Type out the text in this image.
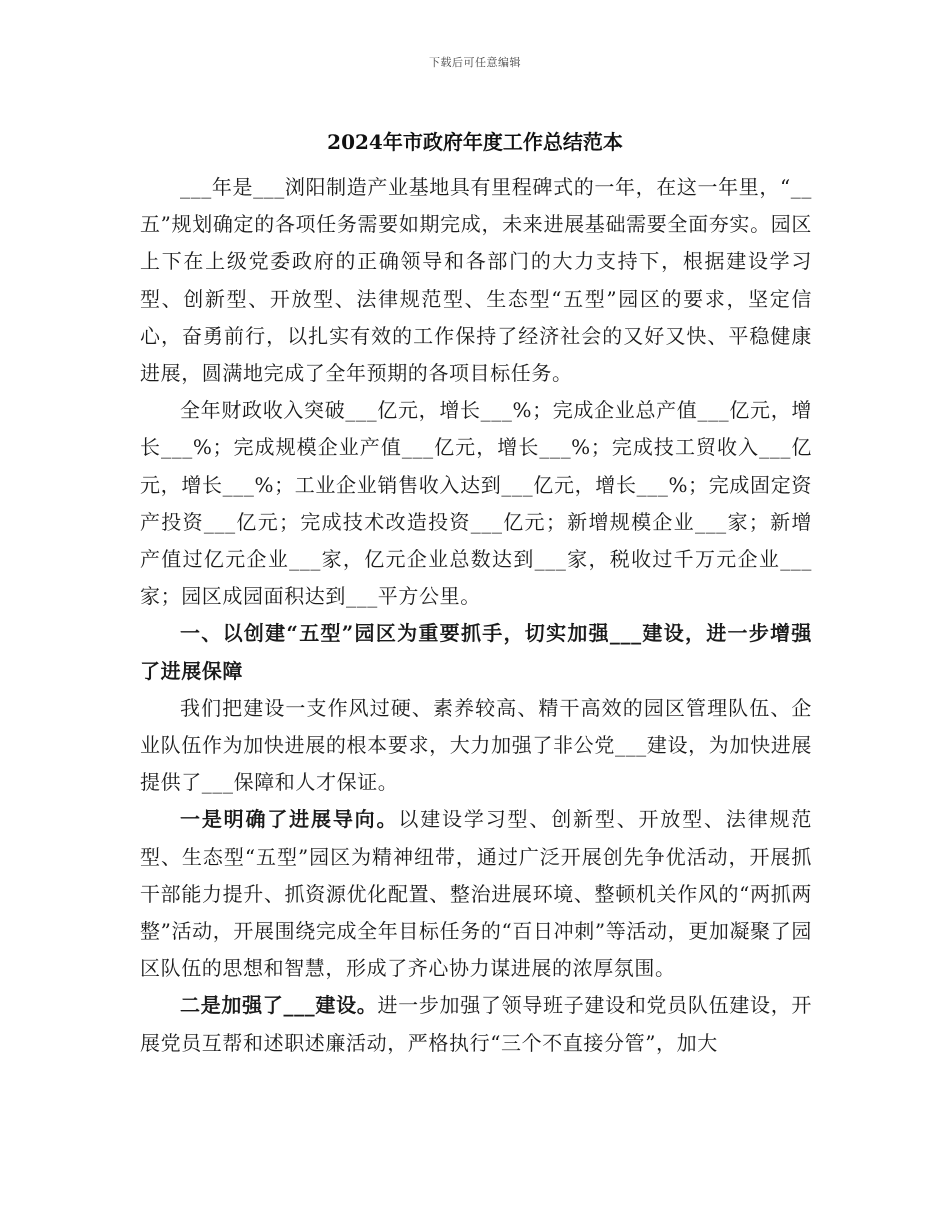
下载后可任意编辑
2024年市政府年度工作总结范本

___年是___浏阳制造产业基地具有里程碑式的一年，在这一年里，“__五”规划确定的各项任务需要如期完成，未来进展基础需要全面夯实。园区上下在上级党委政府的正确领导和各部门的大力支持下，根据建设学习型、创新型、开放型、法律规范型、生态型“五型”园区的要求，坚定信心，奋勇前行，以扎实有效的工作保持了经济社会的又好又快、平稳健康进展，圆满地完成了全年预期的各项目标任务。

全年财政收入突破___亿元，增长___%；完成企业总产值___亿元，增长___%；完成规模企业产值___亿元，增长___%；完成技工贸收入___亿元，增长___%；工业企业销售收入达到___亿元，增长___%；完成固定资产投资___亿元；完成技术改造投资___亿元；新增规模企业___家；新增产值过亿元企业___家，亿元企业总数达到___家，税收过千万元企业___家；园区成园面积达到___平方公里。

一、以创建“五型”园区为重要抓手，切实加强___建设，进一步增强了进展保障

我们把建设一支作风过硬、素养较高、精干高效的园区管理队伍、企业队伍作为加快进展的根本要求，大力加强了非公党___建设，为加快进展提供了___保障和人才保证。

一是明确了进展导向。以建设学习型、创新型、开放型、法律规范型、生态型“五型”园区为精神纽带，通过广泛开展创先争优活动，开展抓干部能力提升、抓资源优化配置、整治进展环境、整顿机关作风的“两抓两整”活动，开展围绕完成全年目标任务的“百日冲刺”等活动，更加凝聚了园区队伍的思想和智慧，形成了齐心协力谋进展的浓厚氛围。

二是加强了___建设。进一步加强了领导班子建设和党员队伍建设，开展党员互帮和述职述廉活动，严格执行“三个不直接分管”，加大
